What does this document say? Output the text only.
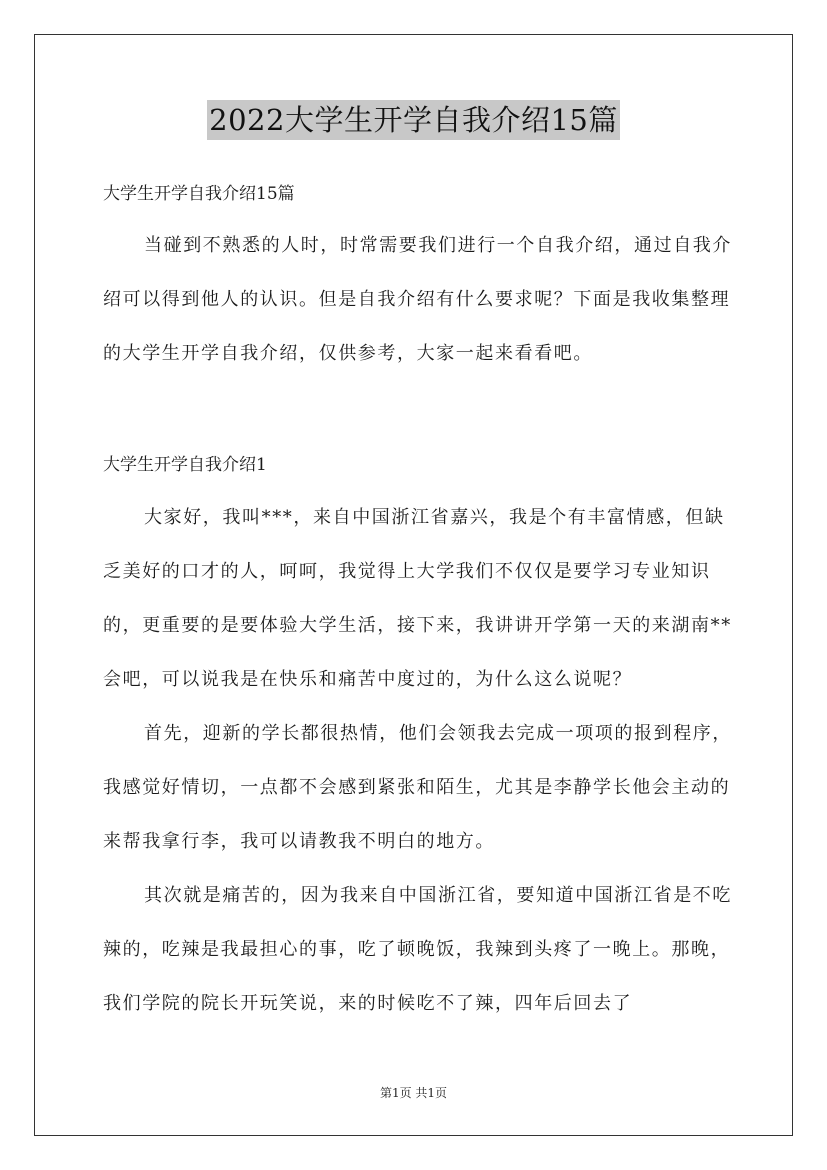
2022大学生开学自我介绍15篇
大学生开学自我介绍15篇

当碰到不熟悉的人时，时常需要我们进行一个自我介绍，通过自我介绍可以得到他人的认识。但是自我介绍有什么要求呢？下面是我收集整理的大学生开学自我介绍，仅供参考，大家一起来看看吧。

大学生开学自我介绍1

大家好，我叫***，来自中国浙江省嘉兴，我是个有丰富情感，但缺乏美好的口才的人，呵呵，我觉得上大学我们不仅仅是要学习专业知识的，更重要的是要体验大学生活，接下来，我讲讲开学第一天的来湖南**会吧，可以说我是在快乐和痛苦中度过的，为什么这么说呢？

首先，迎新的学长都很热情，他们会领我去完成一项项的报到程序，我感觉好情切，一点都不会感到紧张和陌生，尤其是李静学长他会主动的来帮我拿行李，我可以请教我不明白的地方。

其次就是痛苦的，因为我来自中国浙江省，要知道中国浙江省是不吃辣的，吃辣是我最担心的事，吃了顿晚饭，我辣到头疼了一晚上。那晚，我们学院的院长开玩笑说，来的时候吃不了辣，四年后回去了

第1页 共1页
